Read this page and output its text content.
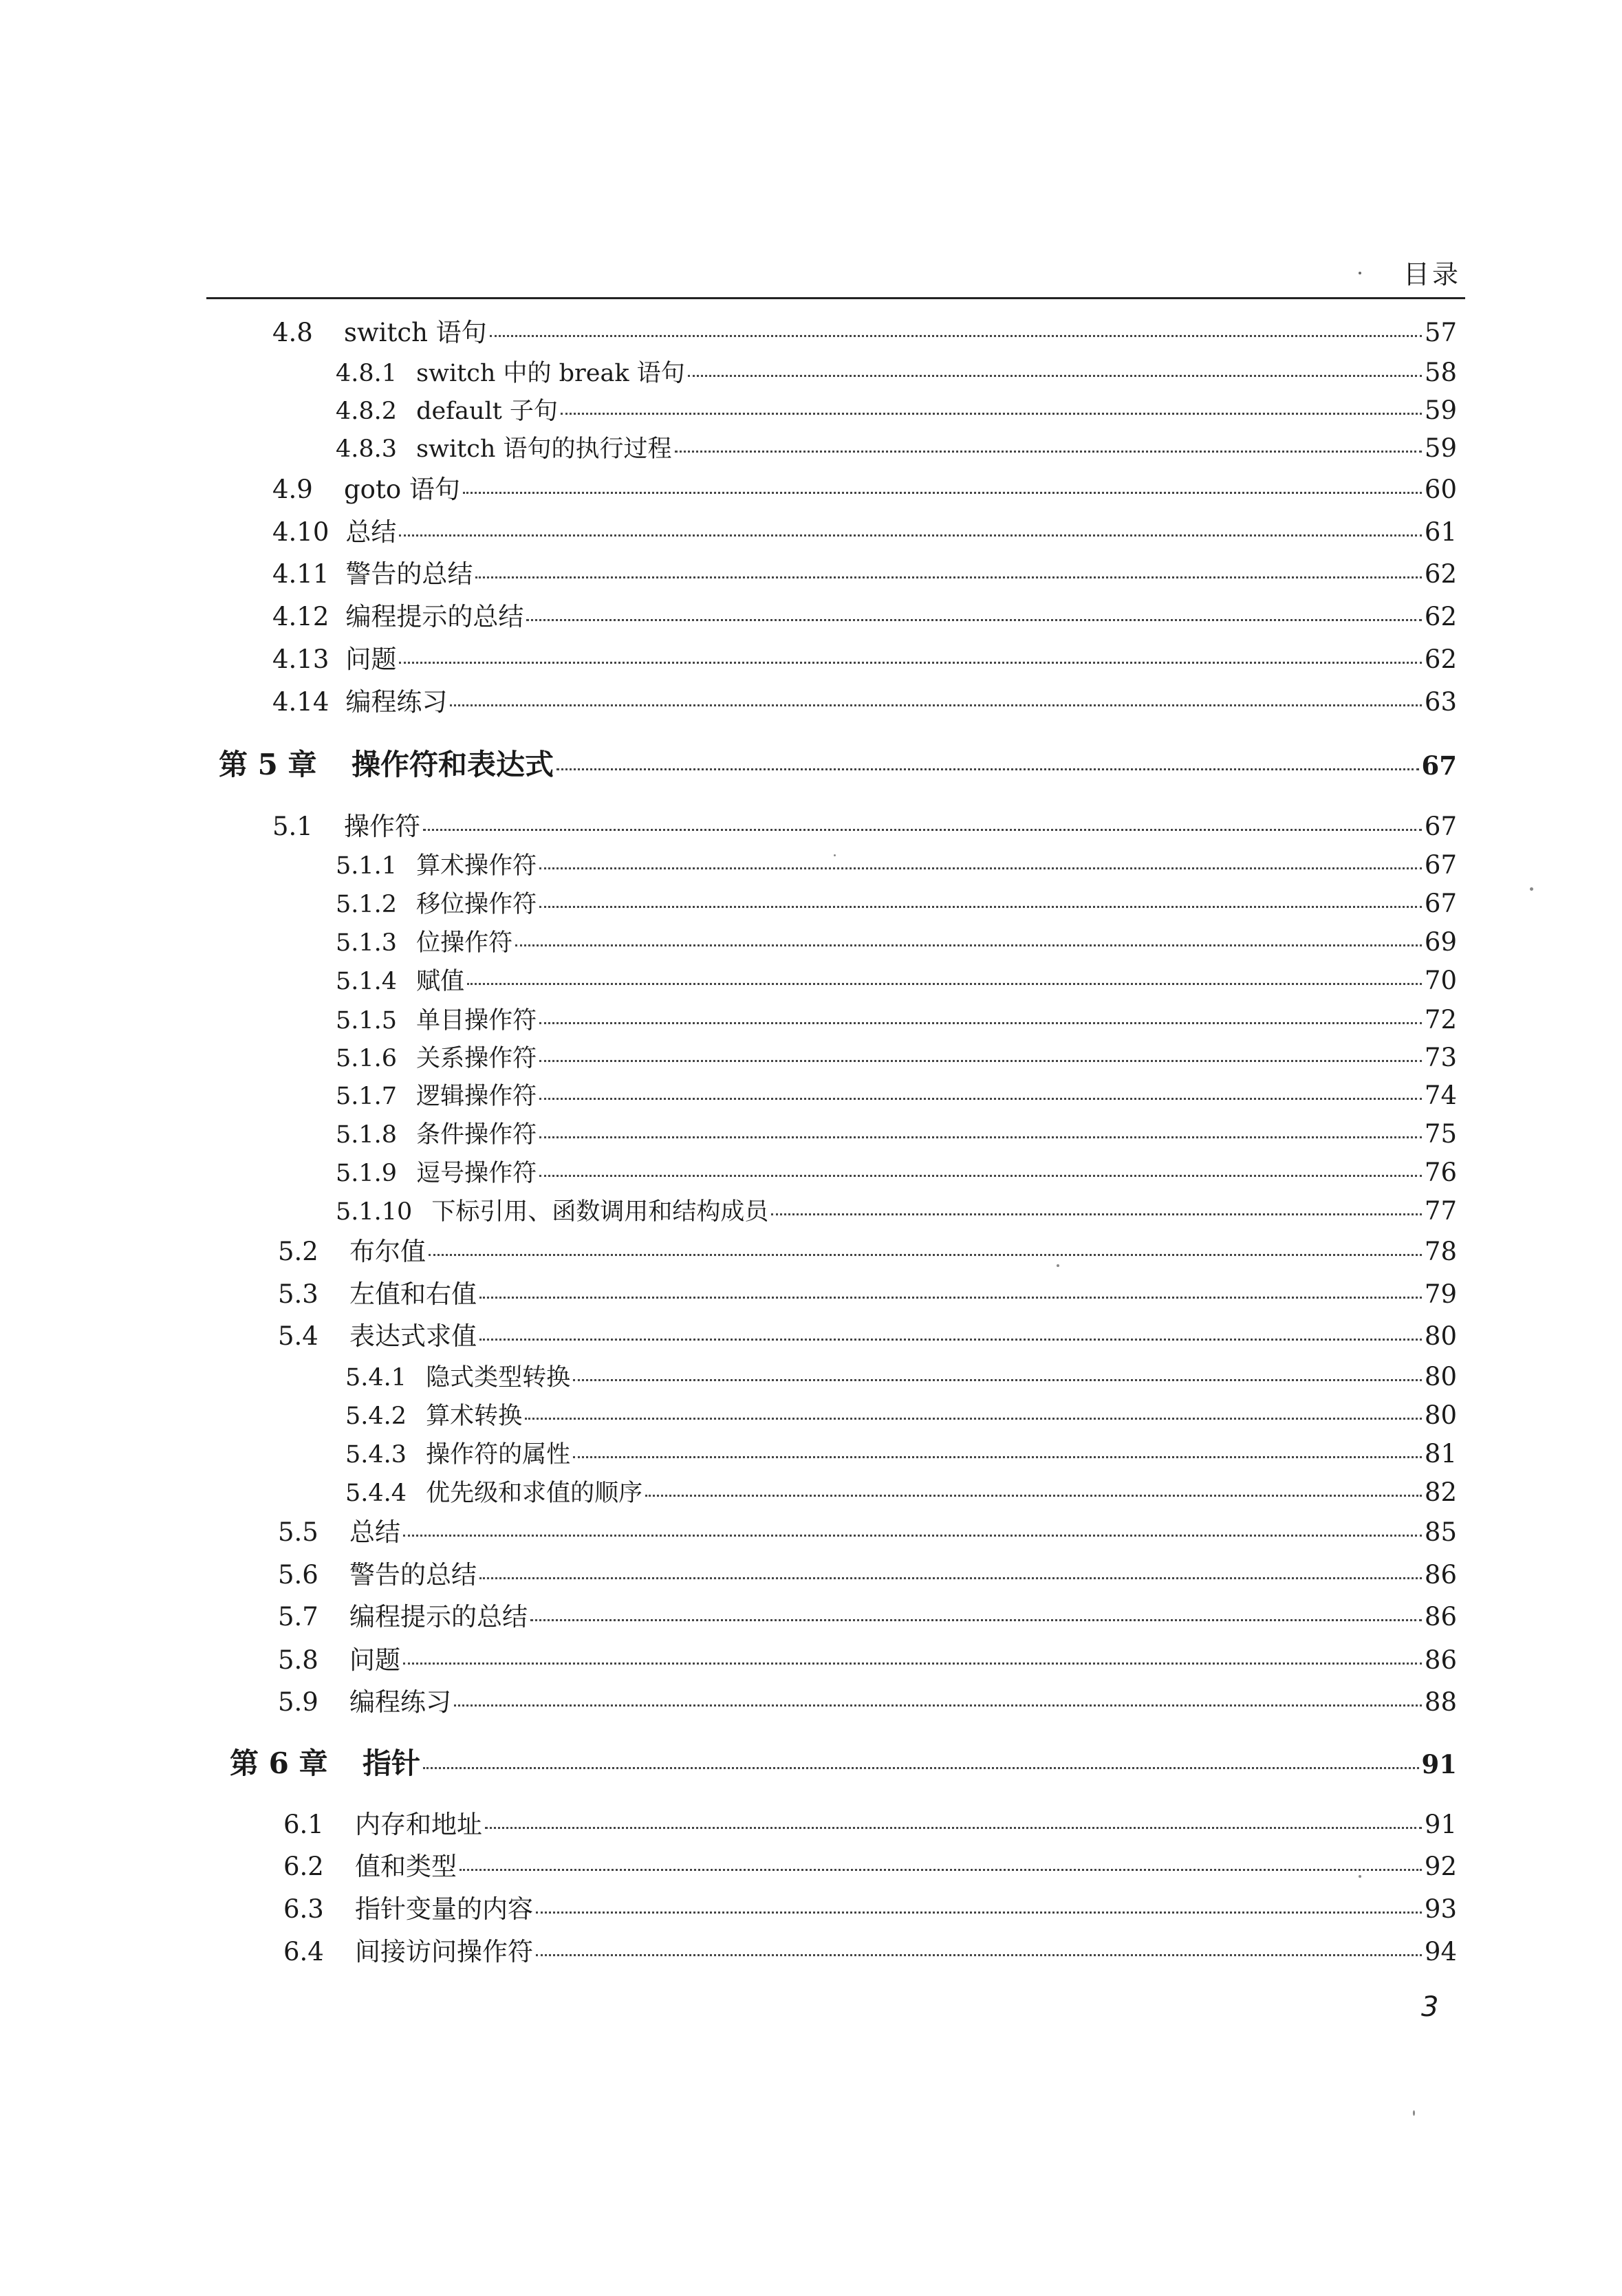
目录
4.8	switch 语句	57
4.8.1 switch 中的 break 语句	58
4.8.2 default 子句	59
4.8.3 switch 语句的执行过程	59
4.9	goto 语句	60
4.10 总结	61
4.11 警告的总结	62
4.12 编程提示的总结	62
4.13 问题	62
4.14 编程练习	63
第 5 章	操作符和表达式	67
5.1	操作符	67
5.1.1 算术操作符	67
5.1.2 移位操作符	67
5.1.3 位操作符	69
5.1.4 赋值	70
5.1.5 单目操作符	72
5.1.6 关系操作符	73
5.1.7 逻辑操作符	74
5.1.8 条件操作符	75
5.1.9 逗号操作符	76
5.1.10 下标引用、函数调用和结构成员	77
5.2	布尔值	78
5.3	左值和右值	79
5.4	表达式求值	80
5.4.1 隐式类型转换	80
5.4.2 算术转换	80
5.4.3 操作符的属性	81
5.4.4 优先级和求值的顺序	82
5.5	总结	85
5.6	警告的总结	86
5.7	编程提示的总结	86
5.8	问题	86
5.9	编程练习	88
第 6 章	指针	91
6.1	内存和地址	91
6.2	值和类型	92
6.3	指针变量的内容	93
6.4	间接访问操作符	94
3
